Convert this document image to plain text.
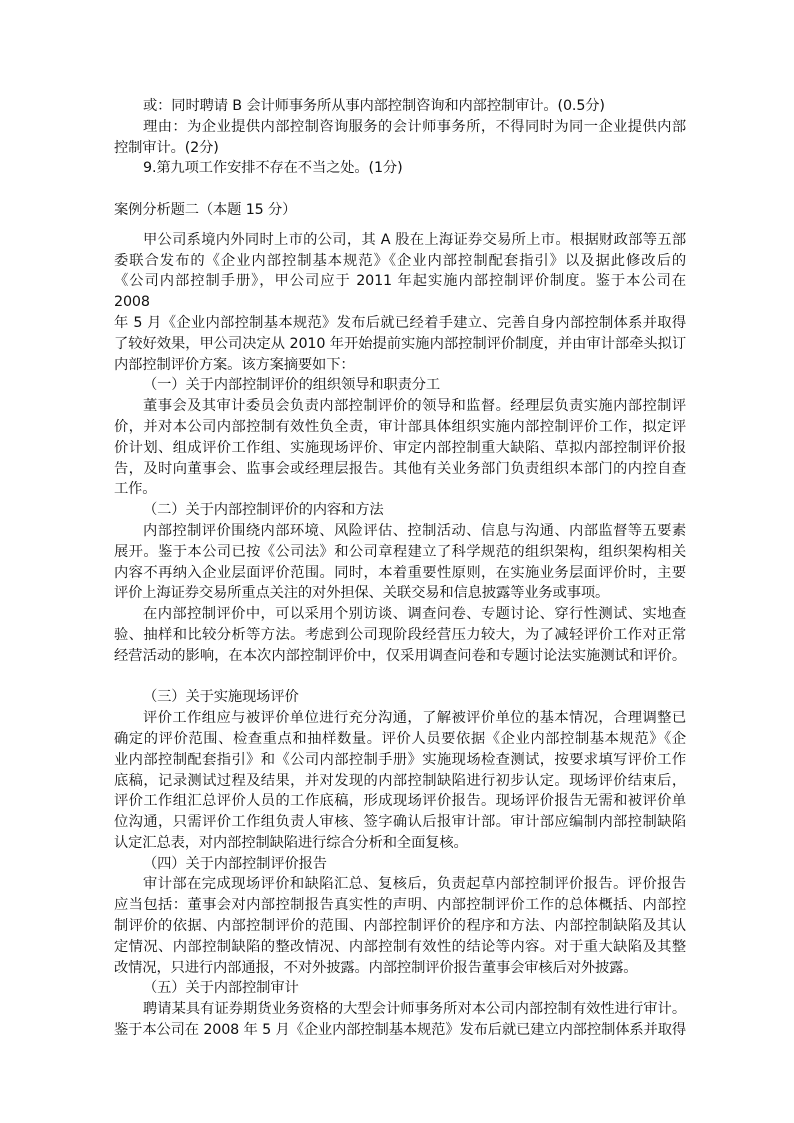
或：同时聘请 B 会计师事务所从事内部控制咨询和内部控制审计。(0.5分)
理由：为企业提供内部控制咨询服务的会计师事务所，不得同时为同一企业提供内部
控制审计。(2分)
9.第九项工作安排不存在不当之处。(1分)
案例分析题二（本题 15 分）
甲公司系境内外同时上市的公司，其 A 股在上海证券交易所上市。根据财政部等五部
委联合发布的《企业内部控制基本规范》《企业内部控制配套指引》以及据此修改后的
《公司内部控制手册》，甲公司应于 2011 年起实施内部控制评价制度。鉴于本公司在 2008
年 5 月《企业内部控制基本规范》发布后就已经着手建立、完善自身内部控制体系并取得
了较好效果，甲公司决定从 2010 年开始提前实施内部控制评价制度，并由审计部牵头拟订
内部控制评价方案。该方案摘要如下：
（一）关于内部控制评价的组织领导和职责分工
董事会及其审计委员会负责内部控制评价的领导和监督。经理层负责实施内部控制评
价，并对本公司内部控制有效性负全责，审计部具体组织实施内部控制评价工作，拟定评
价计划、组成评价工作组、实施现场评价、审定内部控制重大缺陷、草拟内部控制评价报
告，及时向董事会、监事会或经理层报告。其他有关业务部门负责组织本部门的内控自查
工作。
（二）关于内部控制评价的内容和方法
内部控制评价围绕内部环境、风险评估、控制活动、信息与沟通、内部监督等五要素
展开。鉴于本公司已按《公司法》和公司章程建立了科学规范的组织架构，组织架构相关
内容不再纳入企业层面评价范围。同时，本着重要性原则，在实施业务层面评价时，主要
评价上海证券交易所重点关注的对外担保、关联交易和信息披露等业务或事项。
在内部控制评价中，可以采用个别访谈、调查问卷、专题讨论、穿行性测试、实地查
验、抽样和比较分析等方法。考虑到公司现阶段经营压力较大，为了减轻评价工作对正常
经营活动的影响，在本次内部控制评价中，仅采用调查问卷和专题讨论法实施测试和评价。
（三）关于实施现场评价
评价工作组应与被评价单位进行充分沟通，了解被评价单位的基本情况，合理调整已
确定的评价范围、检查重点和抽样数量。评价人员要依据《企业内部控制基本规范》《企
业内部控制配套指引》和《公司内部控制手册》实施现场检查测试，按要求填写评价工作
底稿，记录测试过程及结果，并对发现的内部控制缺陷进行初步认定。现场评价结束后，
评价工作组汇总评价人员的工作底稿，形成现场评价报告。现场评价报告无需和被评价单
位沟通，只需评价工作组负责人审核、签字确认后报审计部。审计部应编制内部控制缺陷
认定汇总表，对内部控制缺陷进行综合分析和全面复核。
（四）关于内部控制评价报告
审计部在完成现场评价和缺陷汇总、复核后，负责起草内部控制评价报告。评价报告
应当包括：董事会对内部控制报告真实性的声明、内部控制评价工作的总体概括、内部控
制评价的依据、内部控制评价的范围、内部控制评价的程序和方法、内部控制缺陷及其认
定情况、内部控制缺陷的整改情况、内部控制有效性的结论等内容。对于重大缺陷及其整
改情况，只进行内部通报，不对外披露。内部控制评价报告董事会审核后对外披露。
（五）关于内部控制审计
聘请某具有证券期货业务资格的大型会计师事务所对本公司内部控制有效性进行审计。
鉴于本公司在 2008 年 5 月《企业内部控制基本规范》发布后就已建立内部控制体系并取得
